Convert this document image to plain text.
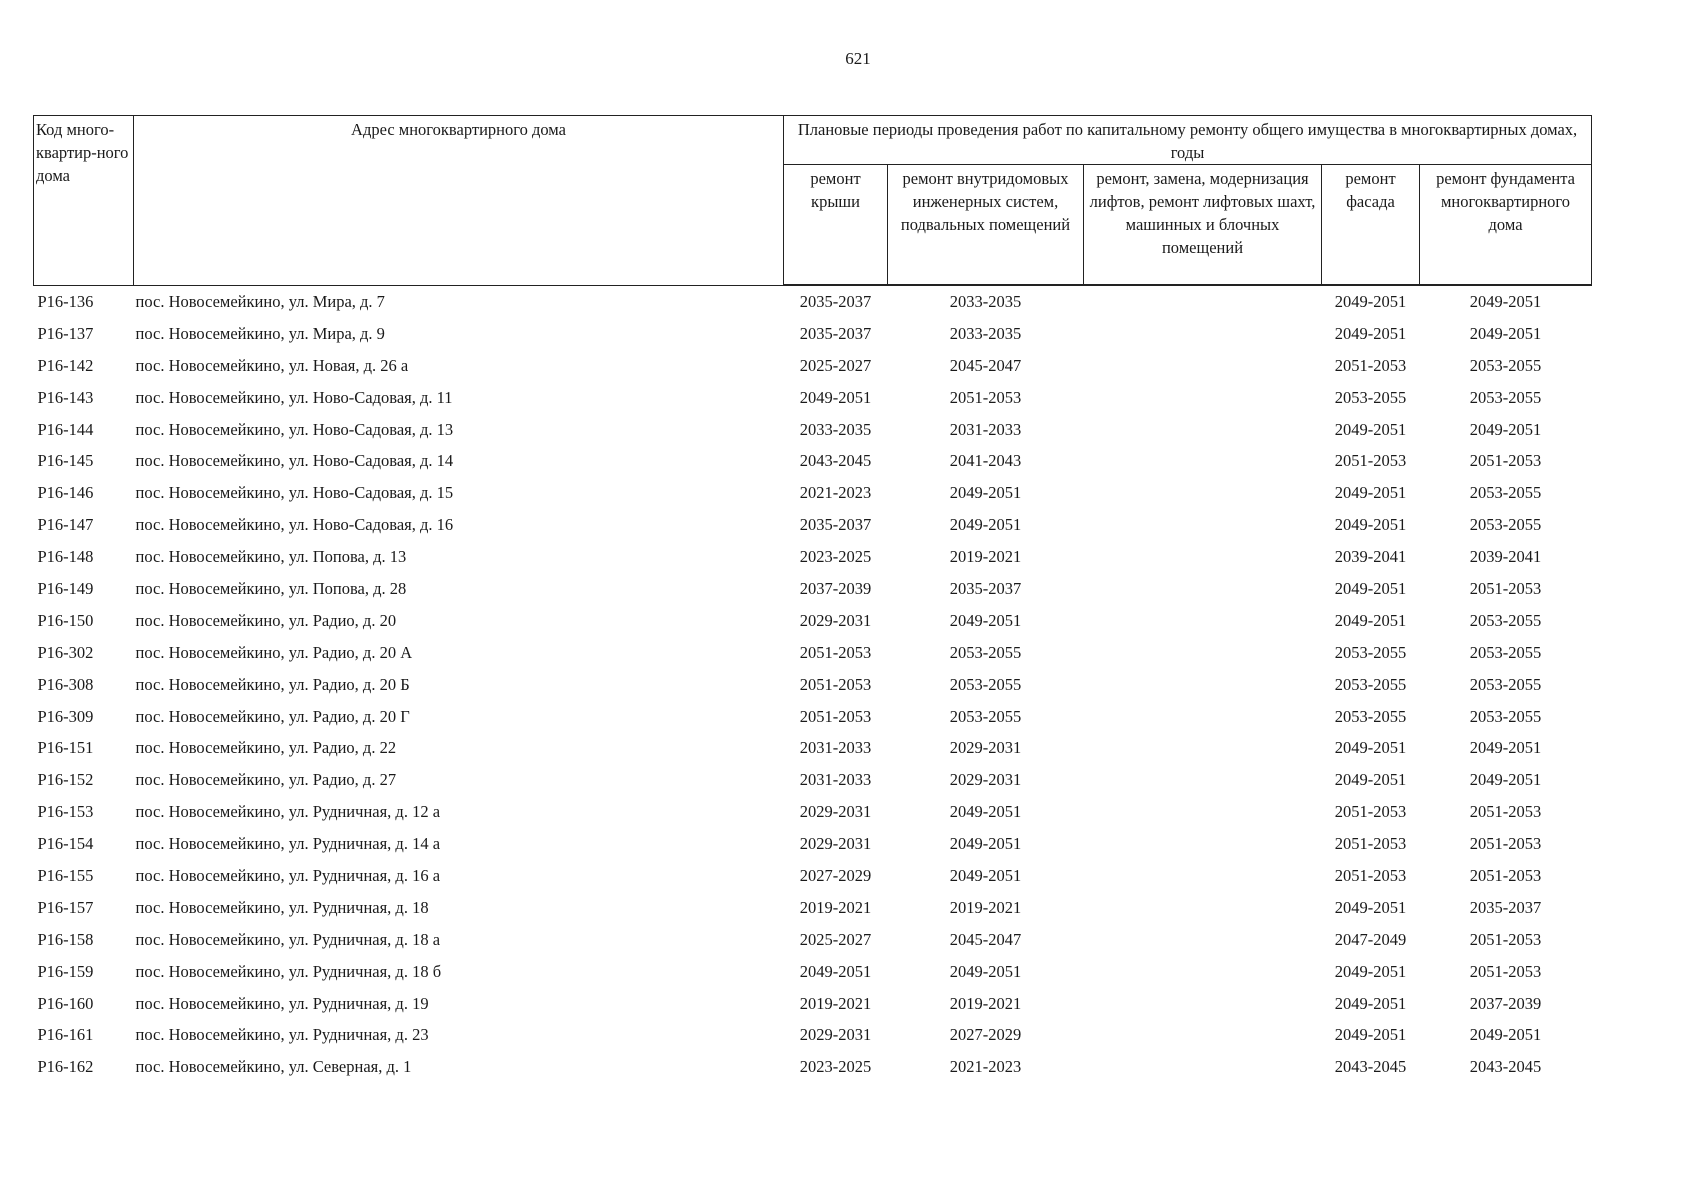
621
Код много-квартир-ного дома	Адрес многоквартирного дома	Плановые периоды проведения работ по капитальному ремонту общего имущества в многоквартирных домах, годы				
		ремонт крыши	ремонт внутридомовых инженерных систем, подвальных помещений	ремонт, замена, модернизация лифтов, ремонт лифтовых шахт, машинных и блочных помещений	ремонт фасада	ремонт фундамента многоквартирного дома
Р16-136	пос. Новосемейкино, ул. Мира, д. 7	2035-2037	2033-2035		2049-2051	2049-2051
Р16-137	пос. Новосемейкино, ул. Мира, д. 9	2035-2037	2033-2035		2049-2051	2049-2051
Р16-142	пос. Новосемейкино, ул. Новая, д. 26 а	2025-2027	2045-2047		2051-2053	2053-2055
Р16-143	пос. Новосемейкино, ул. Ново-Садовая, д. 11	2049-2051	2051-2053		2053-2055	2053-2055
Р16-144	пос. Новосемейкино, ул. Ново-Садовая, д. 13	2033-2035	2031-2033		2049-2051	2049-2051
Р16-145	пос. Новосемейкино, ул. Ново-Садовая, д. 14	2043-2045	2041-2043		2051-2053	2051-2053
Р16-146	пос. Новосемейкино, ул. Ново-Садовая, д. 15	2021-2023	2049-2051		2049-2051	2053-2055
Р16-147	пос. Новосемейкино, ул. Ново-Садовая, д. 16	2035-2037	2049-2051		2049-2051	2053-2055
Р16-148	пос. Новосемейкино, ул. Попова, д. 13	2023-2025	2019-2021		2039-2041	2039-2041
Р16-149	пос. Новосемейкино, ул. Попова, д. 28	2037-2039	2035-2037		2049-2051	2051-2053
Р16-150	пос. Новосемейкино, ул. Радио, д. 20	2029-2031	2049-2051		2049-2051	2053-2055
Р16-302	пос. Новосемейкино, ул. Радио, д. 20 А	2051-2053	2053-2055		2053-2055	2053-2055
Р16-308	пос. Новосемейкино, ул. Радио, д. 20 Б	2051-2053	2053-2055		2053-2055	2053-2055
Р16-309	пос. Новосемейкино, ул. Радио, д. 20 Г	2051-2053	2053-2055		2053-2055	2053-2055
Р16-151	пос. Новосемейкино, ул. Радио, д. 22	2031-2033	2029-2031		2049-2051	2049-2051
Р16-152	пос. Новосемейкино, ул. Радио, д. 27	2031-2033	2029-2031		2049-2051	2049-2051
Р16-153	пос. Новосемейкино, ул. Рудничная, д. 12 а	2029-2031	2049-2051		2051-2053	2051-2053
Р16-154	пос. Новосемейкино, ул. Рудничная, д. 14 а	2029-2031	2049-2051		2051-2053	2051-2053
Р16-155	пос. Новосемейкино, ул. Рудничная, д. 16 а	2027-2029	2049-2051		2051-2053	2051-2053
Р16-157	пос. Новосемейкино, ул. Рудничная, д. 18	2019-2021	2019-2021		2049-2051	2035-2037
Р16-158	пос. Новосемейкино, ул. Рудничная, д. 18 а	2025-2027	2045-2047		2047-2049	2051-2053
Р16-159	пос. Новосемейкино, ул. Рудничная, д. 18 б	2049-2051	2049-2051		2049-2051	2051-2053
Р16-160	пос. Новосемейкино, ул. Рудничная, д. 19	2019-2021	2019-2021		2049-2051	2037-2039
Р16-161	пос. Новосемейкино, ул. Рудничная, д. 23	2029-2031	2027-2029		2049-2051	2049-2051
Р16-162	пос. Новосемейкино, ул. Северная, д. 1	2023-2025	2021-2023		2043-2045	2043-2045
